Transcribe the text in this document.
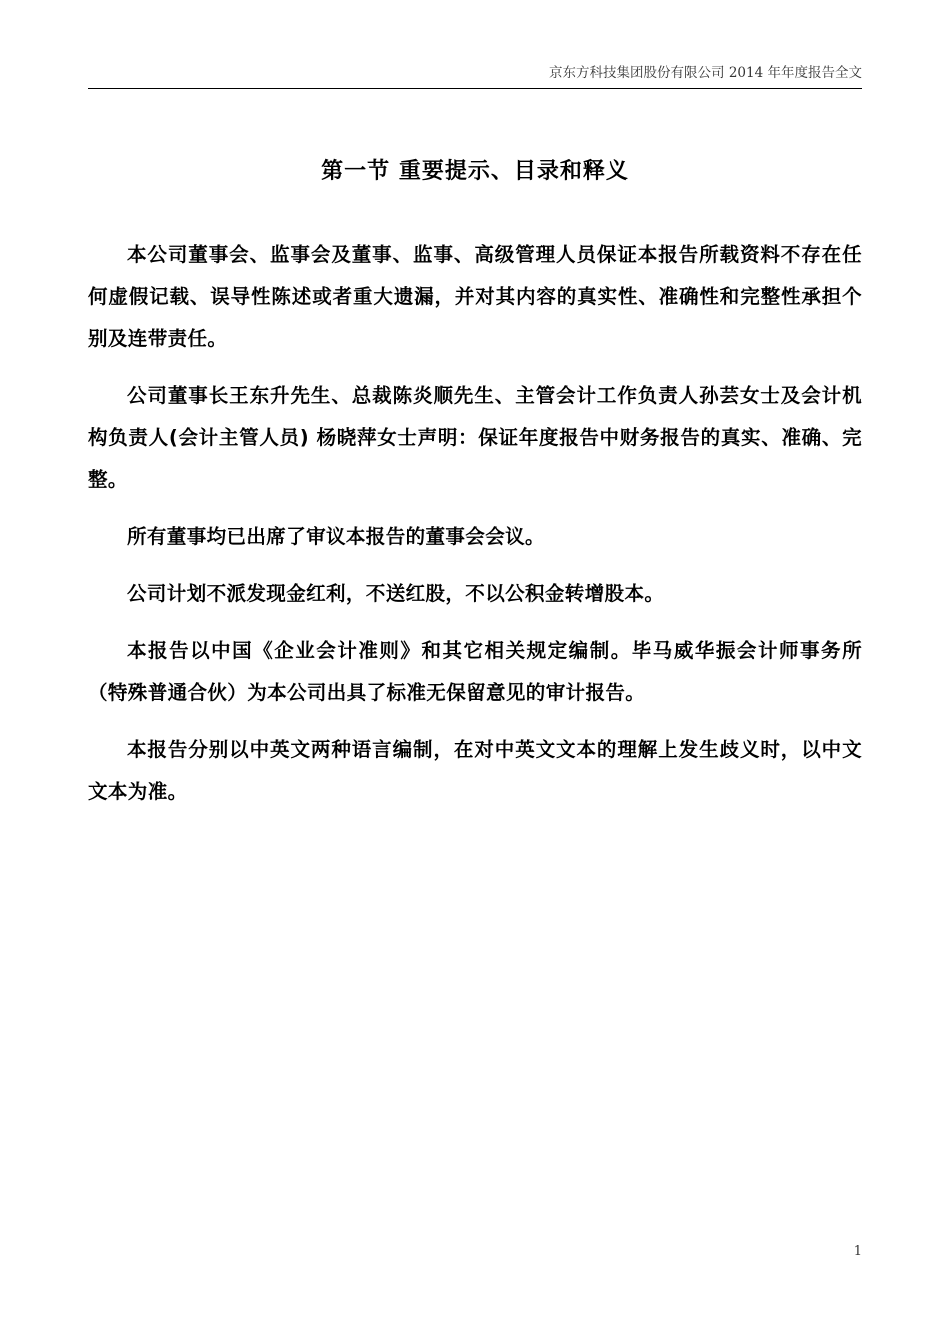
京东方科技集团股份有限公司 2014 年年度报告全文
第一节 重要提示、目录和释义

本公司董事会、监事会及董事、监事、高级管理人员保证本报告所载资料不存在任何虚假记载、误导性陈述或者重大遗漏，并对其内容的真实性、准确性和完整性承担个别及连带责任。

公司董事长王东升先生、总裁陈炎顺先生、主管会计工作负责人孙芸女士及会计机构负责人(会计主管人员) 杨晓萍女士声明：保证年度报告中财务报告的真实、准确、完整。

所有董事均已出席了审议本报告的董事会会议。

公司计划不派发现金红利，不送红股，不以公积金转增股本。

本报告以中国《企业会计准则》和其它相关规定编制。毕马威华振会计师事务所（特殊普通合伙）为本公司出具了标准无保留意见的审计报告。

本报告分别以中英文两种语言编制，在对中英文文本的理解上发生歧义时，以中文文本为准。

1
